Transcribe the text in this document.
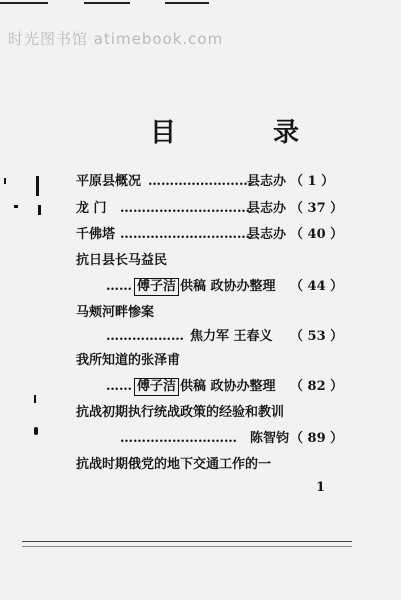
时光图书馆 atimebook.com
目 录
平原县概况 ……………………
县志办 （ 1 ）
龙 门 …………………………
县志办 （ 37 ）
千佛塔 …………………………
县志办 （ 40 ）
抗日县长马益民
…… 傅子洁 供稿 政协办整理 （ 44 ）
马颊河畔惨案
……………… 焦力军 王春义 （ 53 ）
我所知道的张泽甫
…… 傅子洁 供稿 政协办整理 （ 82 ）
抗战初期执行统战政策的经验和教训
……………………… 陈智钧 （ 89 ）
抗战时期俄党的地下交通工作的一
1
